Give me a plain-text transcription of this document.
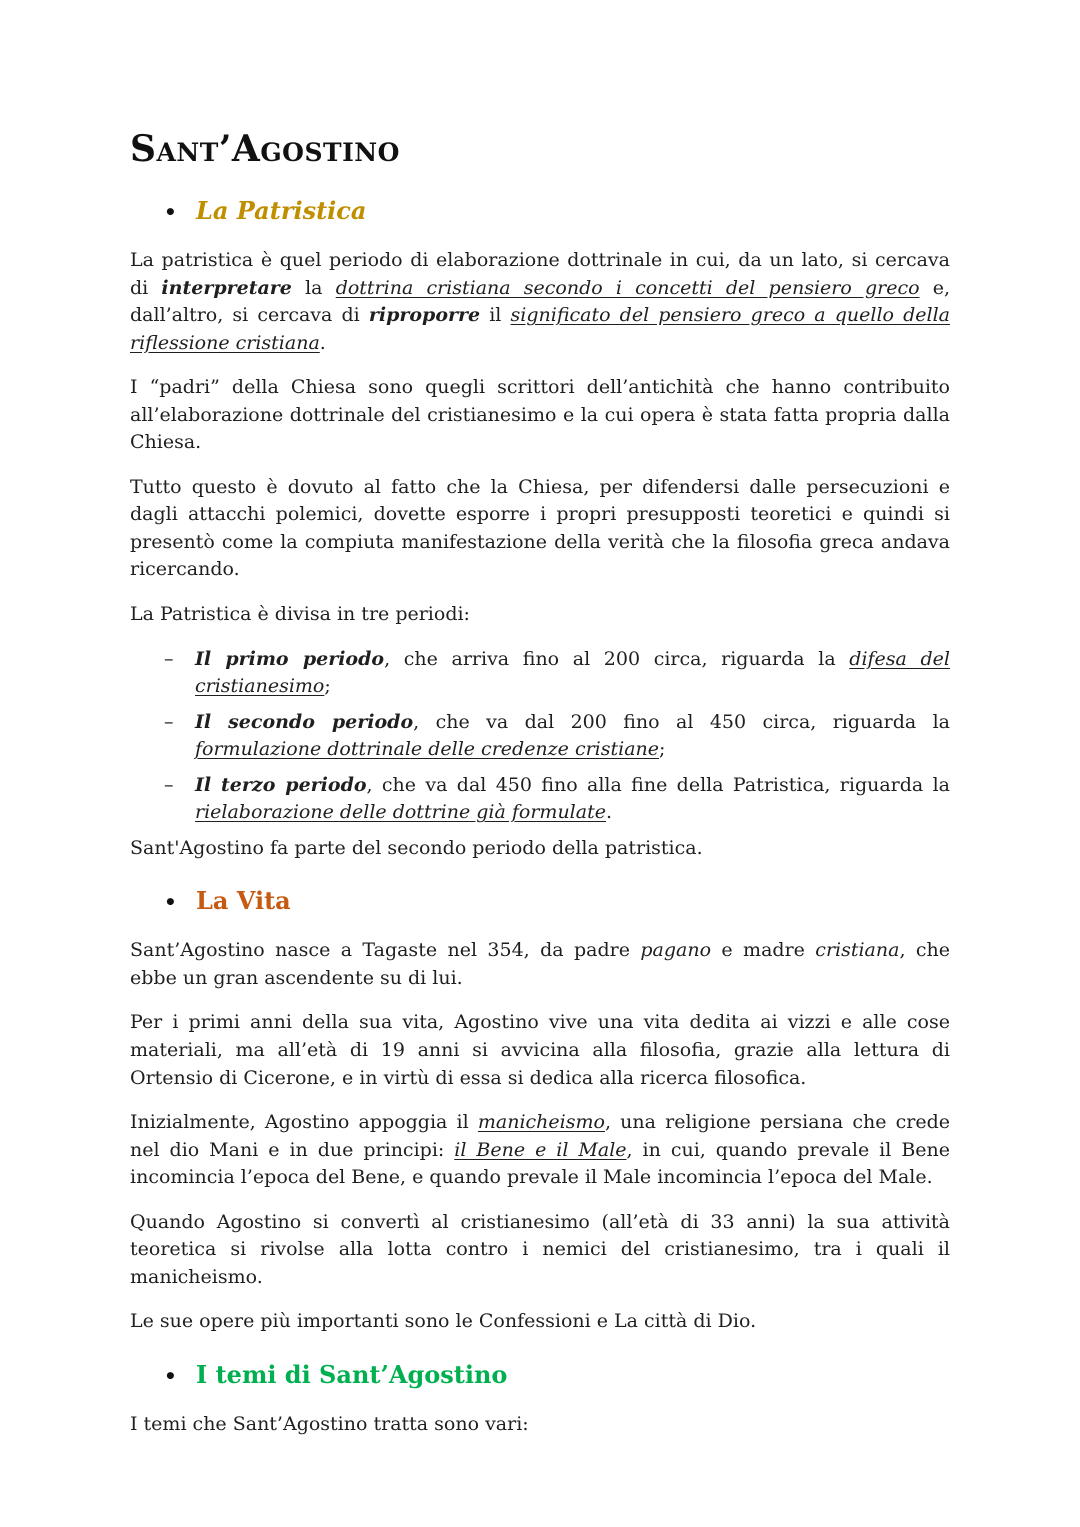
Sant’Agostino
• La Patristica

La patristica è quel periodo di elaborazione dottrinale in cui, da un lato, si cercava di interpretare la dottrina cristiana secondo i concetti del pensiero greco e, dall’altro, si cercava di riproporre il significato del pensiero greco a quello della riflessione cristiana.

I “padri” della Chiesa sono quegli scrittori dell’antichità che hanno contribuito all’elaborazione dottrinale del cristianesimo e la cui opera è stata fatta propria dalla Chiesa.

Tutto questo è dovuto al fatto che la Chiesa, per difendersi dalle persecuzioni e dagli attacchi polemici, dovette esporre i propri presupposti teoretici e quindi si presentò come la compiuta manifestazione della verità che la filosofia greca andava ricercando.

La Patristica è divisa in tre periodi:

–	Il primo periodo, che arriva fino al 200 circa, riguarda la difesa del cristianesimo;
–	Il secondo periodo, che va dal 200 fino al 450 circa, riguarda la formulazione dottrinale delle credenze cristiane;
–	Il terzo periodo, che va dal 450 fino alla fine della Patristica, riguarda la rielaborazione delle dottrine già formulate.

Sant'Agostino fa parte del secondo periodo della patristica.

• La Vita

Sant’Agostino nasce a Tagaste nel 354, da padre pagano e madre cristiana, che ebbe un gran ascendente su di lui.

Per i primi anni della sua vita, Agostino vive una vita dedita ai vizzi e alle cose materiali, ma all’età di 19 anni si avvicina alla filosofia, grazie alla lettura di Ortensio di Cicerone, e in virtù di essa si dedica alla ricerca filosofica.

Inizialmente, Agostino appoggia il manicheismo, una religione persiana che crede nel dio Mani e in due principi: il Bene e il Male, in cui, quando prevale il Bene incomincia l’epoca del Bene, e quando prevale il Male incomincia l’epoca del Male.

Quando Agostino si convertì al cristianesimo (all’età di 33 anni) la sua attività teoretica si rivolse alla lotta contro i nemici del cristianesimo, tra i quali il manicheismo.

Le sue opere più importanti sono le Confessioni e La città di Dio.

• I temi di Sant’Agostino

I temi che Sant’Agostino tratta sono vari:
